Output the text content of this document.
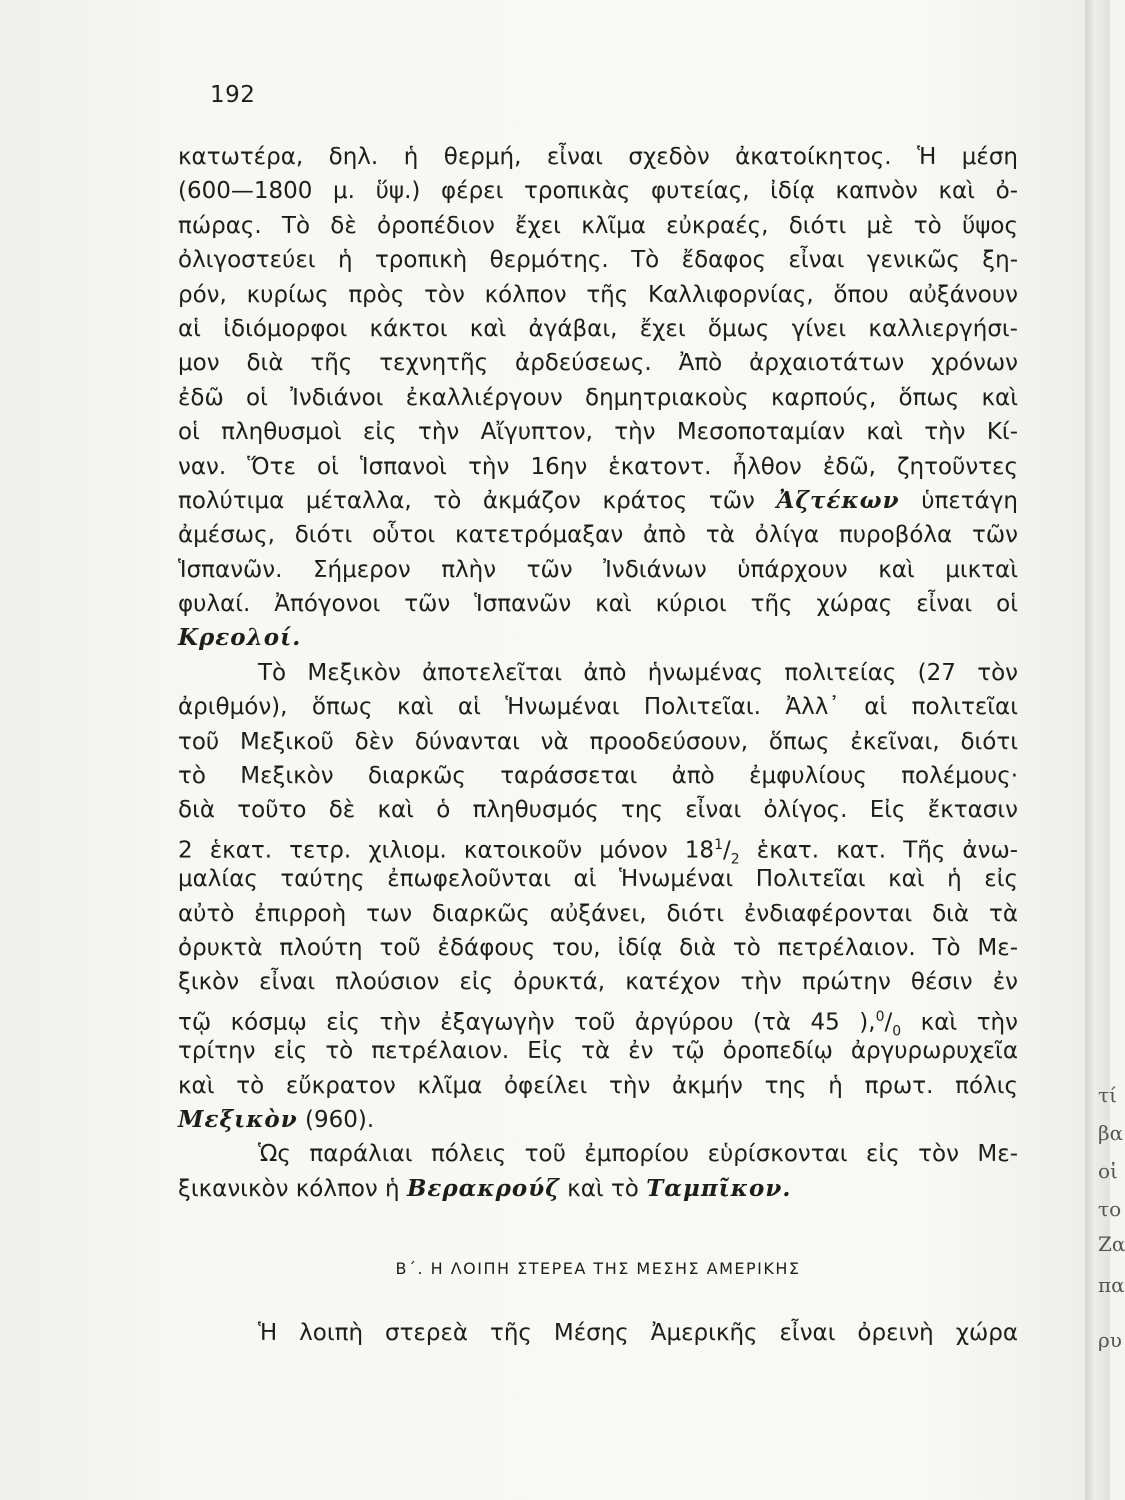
192
κατωτέρα, δηλ. ἡ θερμή, εἶναι σχεδὸν ἀκατοίκητος. Ἡ μέση
(600—1800 μ. ὕψ.) φέρει τροπικὰς φυτείας, ἰδίᾳ καπνὸν καὶ ὀ-
πώρας. Τὸ δὲ ὀροπέδιον ἔχει κλῖμα εὐκραές, διότι μὲ τὸ ὕψος
ὀλιγοστεύει ἡ τροπικὴ θερμότης. Τὸ ἔδαφος εἶναι γενικῶς ξη-
ρόν, κυρίως πρὸς τὸν κόλπον τῆς Καλλιφορνίας, ὅπου αὐξάνουν
αἱ ἰδιόμορφοι κάκτοι καὶ ἀγάβαι, ἔχει ὅμως γίνει καλλιεργήσι-
μον διὰ τῆς τεχνητῆς ἀρδεύσεως. Ἀπὸ ἀρχαιοτάτων χρόνων
ἐδῶ οἱ Ἰνδιάνοι ἐκαλλιέργουν δημητριακοὺς καρπούς, ὅπως καὶ
οἱ πληθυσμοὶ εἰς τὴν Αἴγυπτον, τὴν Μεσοποταμίαν καὶ τὴν Κί-
ναν. Ὅτε οἱ Ἱσπανοὶ τὴν 16ην ἑκατοντ. ἦλθον ἐδῶ, ζητοῦντες
πολύτιμα μέταλλα, τὸ ἀκμάζον κράτος τῶν Ἀζτέκων ὑπετάγη
ἀμέσως, διότι οὗτοι κατετρόμαξαν ἀπὸ τὰ ὀλίγα πυροβόλα τῶν
Ἱσπανῶν. Σήμερον πλὴν τῶν Ἰνδιάνων ὑπάρχουν καὶ μικταὶ
φυλαί. Ἀπόγονοι τῶν Ἱσπανῶν καὶ κύριοι τῆς χώρας εἶναι οἱ
Κρεολοί.
Τὸ Μεξικὸν ἀποτελεῖται ἀπὸ ἡνωμένας πολιτείας (27 τὸν
ἀριθμόν), ὅπως καὶ αἱ Ἡνωμέναι Πολιτεῖαι. Ἀλλ᾽ αἱ πολιτεῖαι
τοῦ Μεξικοῦ δὲν δύνανται νὰ προοδεύσουν, ὅπως ἐκεῖναι, διότι
τὸ Μεξικὸν διαρκῶς ταράσσεται ἀπὸ ἐμφυλίους πολέμους·
διὰ τοῦτο δὲ καὶ ὁ πληθυσμός της εἶναι ὀλίγος. Εἰς ἔκτασιν
2 ἑκατ. τετρ. χιλιομ. κατοικοῦν μόνον $18^1/_2$ ἑκατ. κατ. Τῆς ἀνω-
μαλίας ταύτης ἐπωφελοῦνται αἱ Ἡνωμέναι Πολιτεῖαι καὶ ἡ εἰς
αὐτὸ ἐπιρροὴ των διαρκῶς αὐξάνει, διότι ἐνδιαφέρονται διὰ τὰ
ὀρυκτὰ πλούτη τοῦ ἐδάφους του, ἰδίᾳ διὰ τὸ πετρέλαιον. Τὸ Με-
ξικὸν εἶναι πλούσιον εἰς ὀρυκτά, κατέχον τὴν πρώτην θέσιν ἐν
τῷ κόσμῳ εἰς τὴν ἐξαγωγὴν τοῦ ἀργύρου (τὰ 45 )$,^0/_0$ καὶ τὴν
τρίτην εἰς τὸ πετρέλαιον. Εἰς τὰ ἐν τῷ ὀροπεδίῳ ἀργυρωρυχεῖα
καὶ τὸ εὔκρατον κλῖμα ὀφείλει τὴν ἀκμήν της ἡ πρωτ. πόλις
Μεξικὸν (960).
Ὡς παράλιαι πόλεις τοῦ ἐμπορίου εὑρίσκονται εἰς τὸν Με-
ξικανικὸν κόλπον ἡ Βερακρούζ καὶ τὸ Ταμπῖκον.
Β΄. Η ΛΟΙΠΗ ΣΤΕΡΕΑ ΤΗΣ ΜΕΣΗΣ ΑΜΕΡΙΚΗΣ
Ἡ λοιπὴ στερεὰ τῆς Μέσης Ἀμερικῆς εἶναι ὀρεινὴ χώρα
τί
βα
οἱ
το
Ζα
πα
ρυ
